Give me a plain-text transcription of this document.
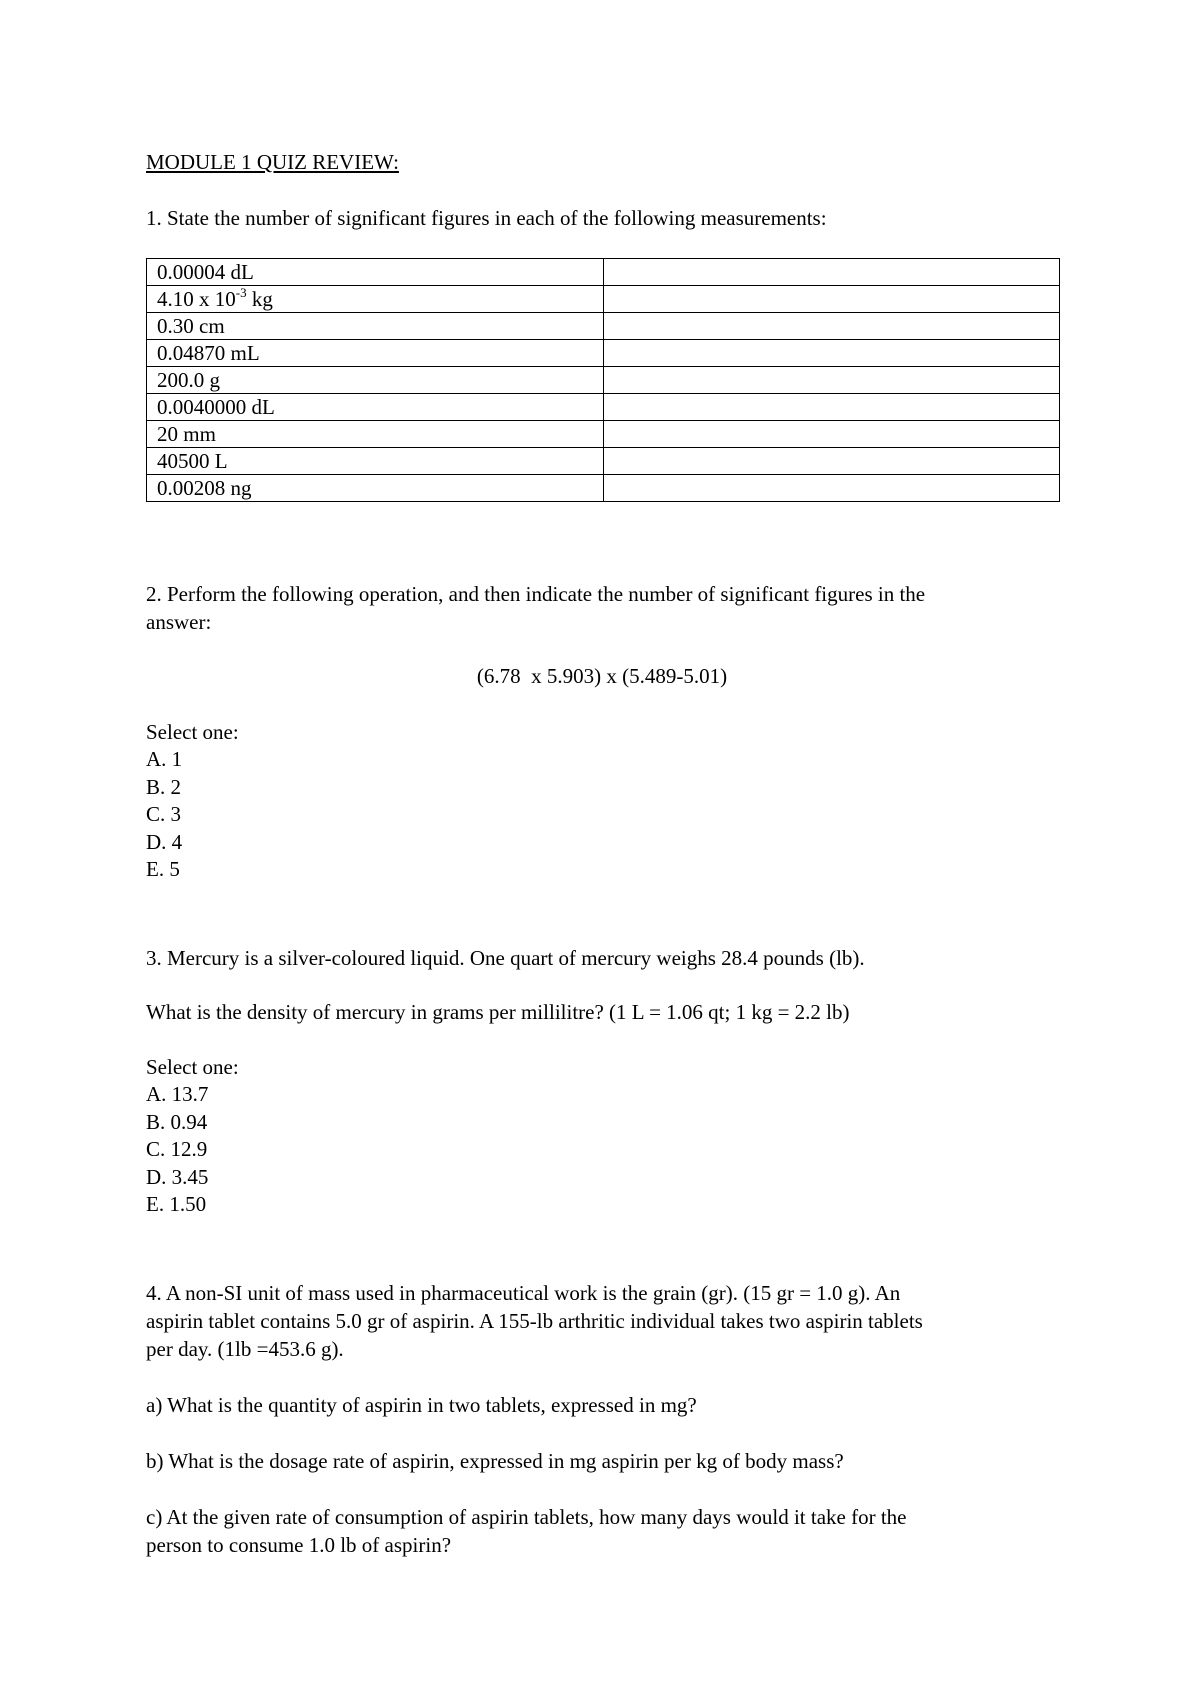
MODULE 1 QUIZ REVIEW:

1. State the number of significant figures in each of the following measurements:

0.00004 dL	
4.10 x $10^{-3}$ kg	
0.30 cm	
0.04870 mL	
200.0 g	
0.0040000 dL	
20 mm	
40500 L	
0.00208 ng	

2. Perform the following operation, and then indicate the number of significant figures in the

answer:

(6.78  x 5.903) x (5.489-5.01)

Select one:

A. 1
B. 2
C. 3
D. 4
E. 5

3. Mercury is a silver-coloured liquid. One quart of mercury weighs 28.4 pounds (lb).

What is the density of mercury in grams per millilitre? (1 L = 1.06 qt; 1 kg = 2.2 lb)

Select one:

A. 13.7
B. 0.94
C. 12.9
D. 3.45
E. 1.50

4. A non-SI unit of mass used in pharmaceutical work is the grain (gr). (15 gr = 1.0 g). An

aspirin tablet contains 5.0 gr of aspirin. A 155-lb arthritic individual takes two aspirin tablets

per day. (1lb =453.6 g).

a) What is the quantity of aspirin in two tablets, expressed in mg?

b) What is the dosage rate of aspirin, expressed in mg aspirin per kg of body mass?

c) At the given rate of consumption of aspirin tablets, how many days would it take for the

person to consume 1.0 lb of aspirin?
